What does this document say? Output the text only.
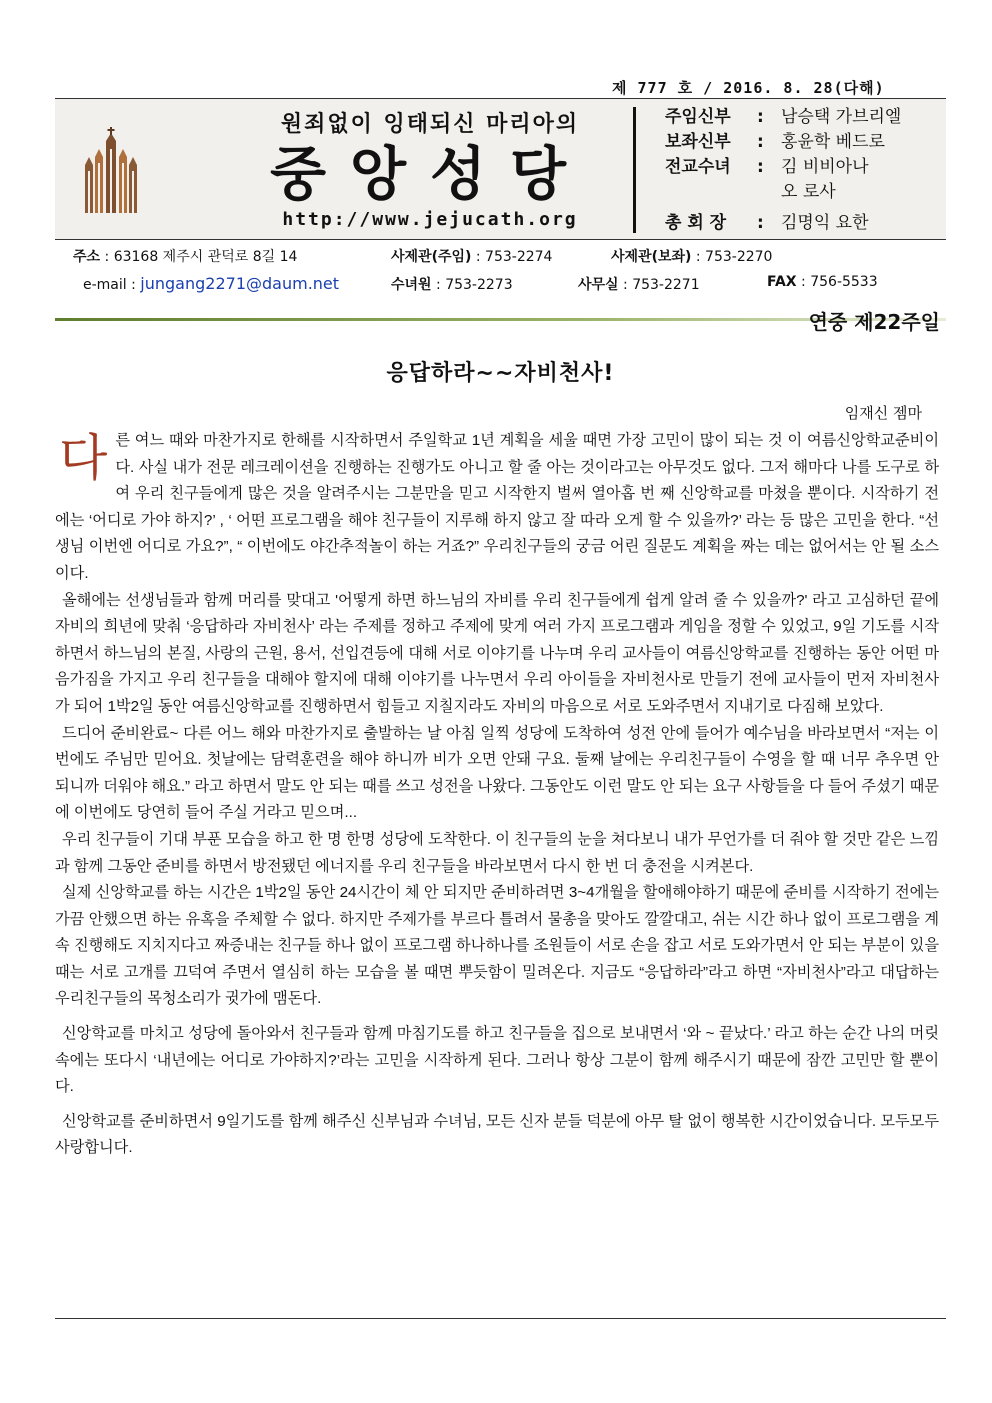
제 777 호 / 2016. 8. 28(다해)
원죄없이 잉태되신 마리아의
중앙성당
http://www.jejucath.org
주임신부 : 남승택 가브리엘
보좌신부 : 홍윤학 베드로
전교수녀 : 김 비비아나
오 로사
총 회 장 : 김명익 요한
주소 : 63168 제주시 관덕로 8길 14	사제관(주임) : 753-2274	사제관(보좌) : 753-2270
e-mail : jungang2271@daum.net	수녀원 : 753-2273	사무실 : 753-2271	FAX : 756-5533
연중 제22주일
응답하라~~자비천사!
임재신 젬마

다른 여느 때와 마찬가지로 한해를 시작하면서 주일학교 1년 계획을 세울 때면 가장 고민이 많이 되는 것 이 여름신앙학교준비이다. 사실 내가 전문 레크레이션을 진행하는 진행가도 아니고 할 줄 아는 것이라고는 아무것도 없다. 그저 해마다 나를 도구로 하여 우리 친구들에게 많은 것을 알려주시는 그분만을 믿고 시작한지 벌써 열아홉 번 째 신앙학교를 마쳤을 뿐이다. 시작하기 전에는 ‘어디로 가야 하지?’ , ‘ 어떤 프로그램을 해야 친구들이 지루해 하지 않고 잘 따라 오게 할 수 있을까?’ 라는 등 많은 고민을 한다. “선생님 이번엔 어디로 가요?”, “ 이번에도 야간추적놀이 하는 거죠?” 우리친구들의 궁금 어린 질문도 계획을 짜는 데는 없어서는 안 될 소스이다.

올해에는 선생님들과 함께 머리를 맞대고 '어떻게 하면 하느님의 자비를 우리 친구들에게 쉽게 알려 줄 수 있을까?' 라고 고심하던 끝에 자비의 희년에 맞춰 ‘응답하라 자비천사’ 라는 주제를 정하고 주제에 맞게 여러 가지 프로그램과 게임을 정할 수 있었고, 9일 기도를 시작하면서 하느님의 본질, 사랑의 근원, 용서, 선입견등에 대해 서로 이야기를 나누며 우리 교사들이 여름신앙학교를 진행하는 동안 어떤 마음가짐을 가지고 우리 친구들을 대해야 할지에 대해 이야기를 나누면서 우리 아이들을 자비천사로 만들기 전에 교사들이 먼저 자비천사가 되어 1박2일 동안 여름신앙학교를 진행하면서 힘들고 지칠지라도 자비의 마음으로 서로 도와주면서 지내기로 다짐해 보았다.

드디어 준비완료~ 다른 어느 해와 마찬가지로 출발하는 날 아침 일찍 성당에 도착하여 성전 안에 들어가 예수님을 바라보면서 “저는 이번에도 주님만 믿어요. 첫날에는 담력훈련을 해야 하니까 비가 오면 안돼 구요. 둘째 날에는 우리친구들이 수영을 할 때 너무 추우면 안 되니까 더워야 해요.” 라고 하면서 말도 안 되는 때를 쓰고 성전을 나왔다. 그동안도 이런 말도 안 되는 요구 사항들을 다 들어 주셨기 때문에 이번에도 당연히 들어 주실 거라고 믿으며...

우리 친구들이 기대 부푼 모습을 하고 한 명 한명 성당에 도착한다. 이 친구들의 눈을 쳐다보니 내가 무언가를 더 줘야 할 것만 같은 느낌과 함께 그동안 준비를 하면서 방전됐던 에너지를 우리 친구들을 바라보면서 다시 한 번 더 충전을 시켜본다.

실제 신앙학교를 하는 시간은 1박2일 동안 24시간이 체 안 되지만 준비하려면 3~4개월을 할애해야하기 때문에 준비를 시작하기 전에는 가끔 안했으면 하는 유혹을 주체할 수 없다. 하지만 주제가를 부르다 틀려서 물총을 맞아도 깔깔대고, 쉬는 시간 하나 없이 프로그램을 계속 진행해도 지치지다고 짜증내는 친구들 하나 없이 프로그램 하나하나를 조원들이 서로 손을 잡고 서로 도와가면서 안 되는 부분이 있을 때는 서로 고개를 끄덕여 주면서 열심히 하는 모습을 볼 때면 뿌듯함이 밀려온다. 지금도 “응답하라”라고 하면 “자비천사”라고 대답하는 우리친구들의 목청소리가 귓가에 맴돈다.

신앙학교를 마치고 성당에 돌아와서 친구들과 함께 마침기도를 하고 친구들을 집으로 보내면서 ‘와 ~ 끝났다.’ 라고 하는 순간 나의 머릿속에는 또다시 ‘내년에는 어디로 가야하지?’라는 고민을 시작하게 된다. 그러나 항상 그분이 함께 해주시기 때문에 잠깐 고민만 할 뿐이다.

신앙학교를 준비하면서 9일기도를 함께 해주신 신부님과 수녀님, 모든 신자 분들 덕분에 아무 탈 없이 행복한 시간이었습니다. 모두모두 사랑합니다.
